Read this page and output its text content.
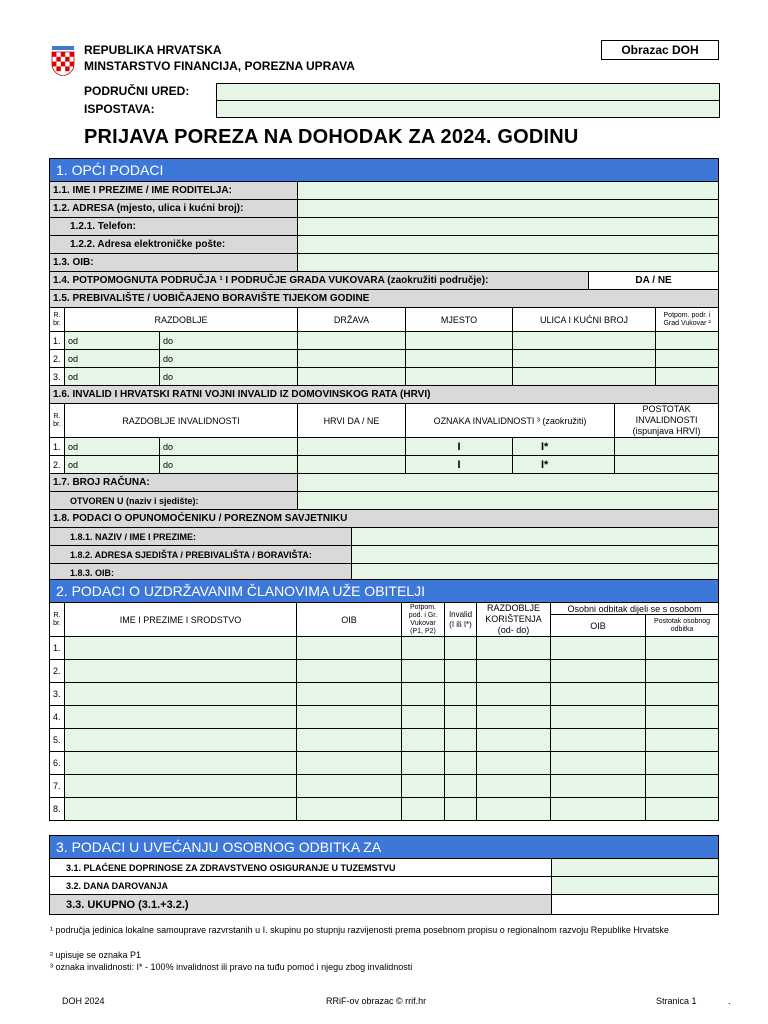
REPUBLIKA HRVATSKA
MINSTARSTVO FINANCIJA, POREZNA UPRAVA
Obrazac DOH
PODRUČNI URED:
ISPOSTAVA:
PRIJAVA POREZA NA DOHODAK ZA 2024. GODINU
1. OPĆI PODACI									
1.1. IME I PREZIME / IME RODITELJA:									
1.2. ADRESA (mjesto, ulica i kućni broj):									
1.2.1. Telefon:									
1.2.2. Adresa elektroničke pošte:									
1.3. OIB:									
1.4. POTPOMOGNUTA PODRUČJA ¹ I PODRUČJE GRADA VUKOVARA (zaokružiti područje):							DA / NE		
1.5. PREBIVALIŠTE / UOBIČAJENO BORAVIŠTE TIJEKOM GODINE									
R. br.	RAZDOBLJE		DRŽAVA		MJESTO	ULICA I KUĆNI BROJ			Potpom. podr. i Grad Vukovar ²
1.	od	do							
2.	od	do							
3.	od	do							
1.6. INVALID I HRVATSKI RATNI VOJNI INVALID IZ DOMOVINSKOG RATA (HRVI)									
R. br.	RAZDOBLJE INVALIDNOSTI		HRVI DA / NE		OZNAKA INVALIDNOSTI ³ (zaokružiti)			POSTOTAK INVALIDNOSTI (ispunjava HRVI)	
1.	od	do			I	I*			
2.	od	do			I	I*			
1.7. BROJ RAČUNA:									
OTVOREN U (naziv i sjedište):									
1.8. PODACI O OPUNOMOĆENIKU / POREZNOM SAVJETNIKU									
1.8.1. NAZIV / IME I PREZIME:									
1.8.2. ADRESA SJEDIŠTA / PREBIVALIŠTA / BORAVIŠTA:									
1.8.3. OIB:									
2. PODACI O UZDRŽAVANIM ČLANOVIMA UŽE OBITELJI							
R. br.	IME I PREZIME I SRODSTVO	OIB	Potpom. pod. i Gr. Vukovar (P1, P2)	Invalid (I ili I*)	RAZDOBLJE KORIŠTENJA (od- do)	Osobni odbitak dijeli se s osobom	
						OIB	Postotak osobnog odbitka
1.							
2.							
3.							
4.							
5.							
6.							
7.							
8.							
3. PODACI U UVEĆANJU OSOBNOG ODBITKA ZA	
3.1. PLAĆENE DOPRINOSE ZA ZDRAVSTVENO OSIGURANJE U TUZEMSTVU	
3.2. DANA DAROVANJA	
3.3. UKUPNO (3.1.+3.2.)	
¹ područja jedinica lokalne samouprave razvrstanih u I. skupinu po stupnju razvijenosti prema posebnom propisu o regionalnom razvoju Republike Hrvatske
² upisuje se oznaka P1
³ oznaka invalidnosti: I* - 100% invalidnost ili pravo na tuđu pomoć i njegu zbog invalidnosti
DOH 2024	RRiF-ov obrazac © rrif.hr	Stranica 1	.
